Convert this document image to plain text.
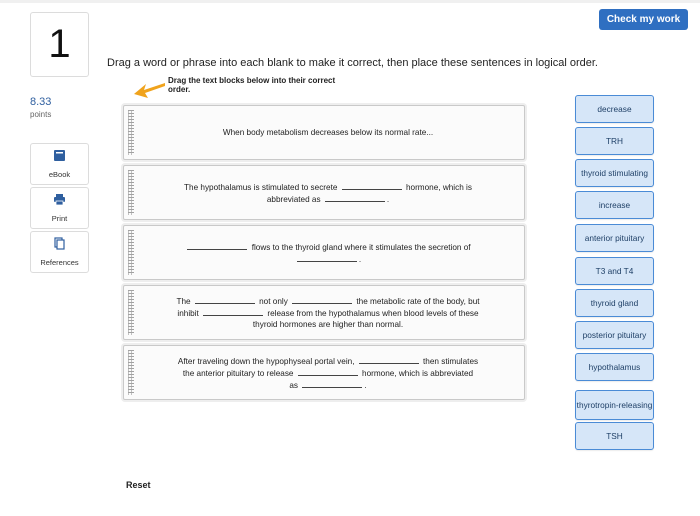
Check my work
1
8.33
points
eBook
Print
References
Drag a word or phrase into each blank to make it correct, then place these sentences in logical order.
Drag the text blocks below into their correct order.
When body metabolism decreases below its normal rate...
The hypothalamus is stimulated to secrete	hormone, which is
abbreviated as	.
flows to the thyroid gland where it stimulates the secretion of
.
The	not only	the metabolic rate of the body, but
inhibit	release from the hypothalamus when blood levels of these
thyroid hormones are higher than normal.
After traveling down the hypophyseal portal vein,	then stimulates
the anterior pituitary to release	hormone, which is abbreviated
as	.
decrease
TRH
thyroid stimulating
increase
anterior pituitary
T3 and T4
thyroid gland
posterior pituitary
hypothalamus
thyrotropin-releasing
TSH
Reset
